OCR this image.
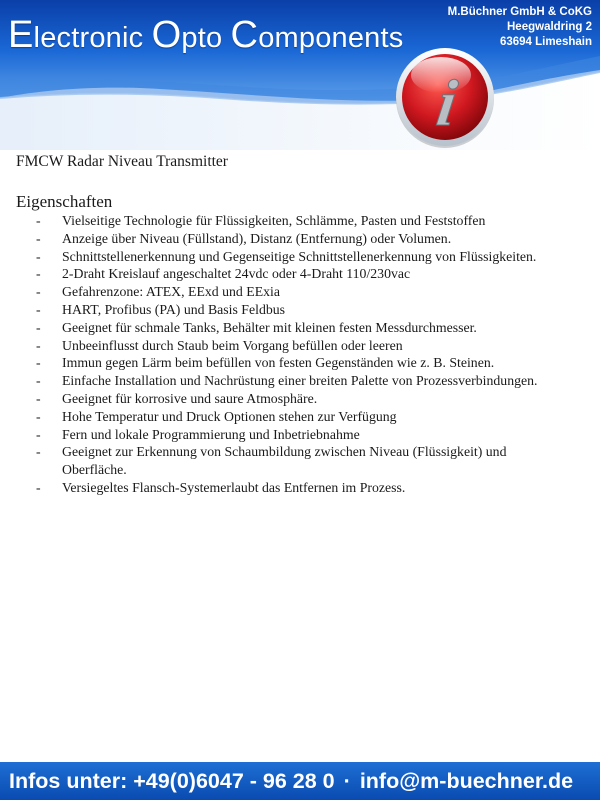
Electronic Opto Components
M.Büchner GmbH & CoKG
Heegwaldring 2
63694 Limeshain
i
FMCW Radar Niveau Transmitter
Eigenschaften
- Vielseitige Technologie für Flüssigkeiten, Schlämme, Pasten und Feststoffen
- Anzeige über Niveau (Füllstand), Distanz (Entfernung) oder Volumen.
- Schnittstellenerkennung und Gegenseitige Schnittstellenerkennung von Flüssigkeiten.
- 2-Draht Kreislauf angeschaltet 24vdc oder 4-Draht 110/230vac
- Gefahrenzone: ATEX, EExd und EExia
- HART, Profibus (PA) und Basis Feldbus
- Geeignet für schmale Tanks, Behälter mit kleinen festen Messdurchmesser.
- Unbeeinflusst durch Staub beim Vorgang befüllen oder leeren
- Immun gegen Lärm beim befüllen von festen Gegenständen wie z. B. Steinen.
- Einfache Installation und Nachrüstung einer breiten Palette von Prozessverbindungen.
- Geeignet für korrosive und saure Atmosphäre.
- Hohe Temperatur und Druck Optionen stehen zur Verfügung
- Fern und lokale Programmierung und Inbetriebnahme
- Geeignet zur Erkennung von Schaumbildung zwischen Niveau (Flüssigkeit) und
Oberfläche.
- Versiegeltes Flansch-Systemerlaubt das Entfernen im Prozess.
Infos unter: +49(0)6047 - 96 28 0 · info@m-buechner.de
